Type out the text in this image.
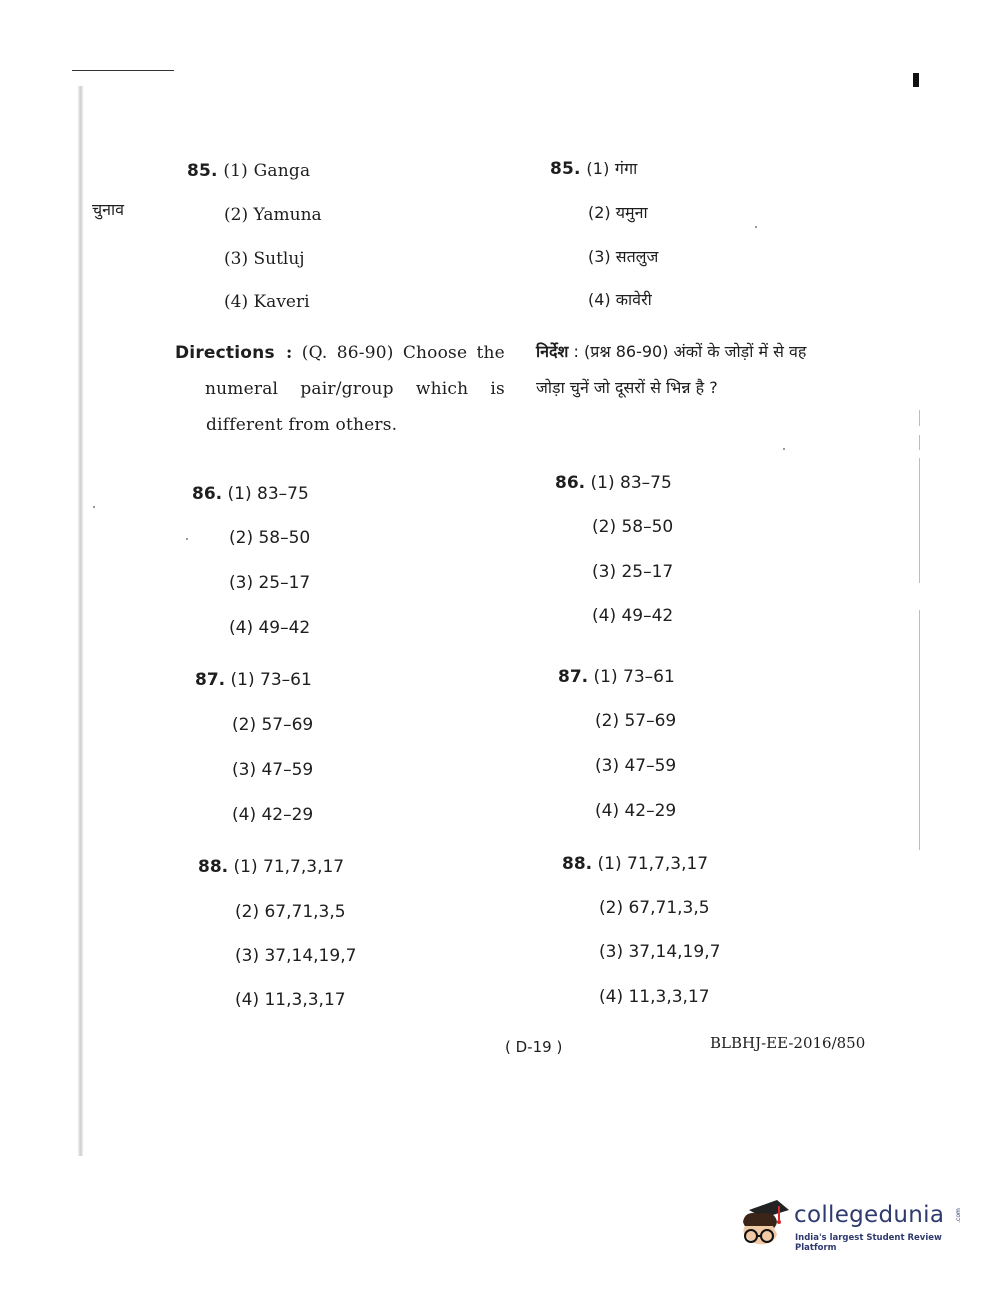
चुनाव
85. (1) Ganga
(2) Yamuna
(3) Sutluj
(4) Kaveri
85. (1) गंगा
(2) यमुना
(3) सतलुज
(4) कावेरी
Directions : (Q. 86-90) Choose the
numeral pair/group which is
different from others.
निर्देश : (प्रश्न 86-90) अंकों के जोड़ों में से वह
जोड़ा चुनें जो दूसरों से भिन्न है ?
86. (1) 83–75
(2) 58–50
(3) 25–17
(4) 49–42
86. (1) 83–75
(2) 58–50
(3) 25–17
(4) 49–42
87. (1) 73–61
(2) 57–69
(3) 47–59
(4) 42–29
87. (1) 73–61
(2) 57–69
(3) 47–59
(4) 42–29
88. (1) 71,7,3,17
(2) 67,71,3,5
(3) 37,14,19,7
(4) 11,3,3,17
88. (1) 71,7,3,17
(2) 67,71,3,5
(3) 37,14,19,7
(4) 11,3,3,17
( D-19 )	BLBHJ-EE-2016/850
collegedunia .com
India's largest Student Review Platform
